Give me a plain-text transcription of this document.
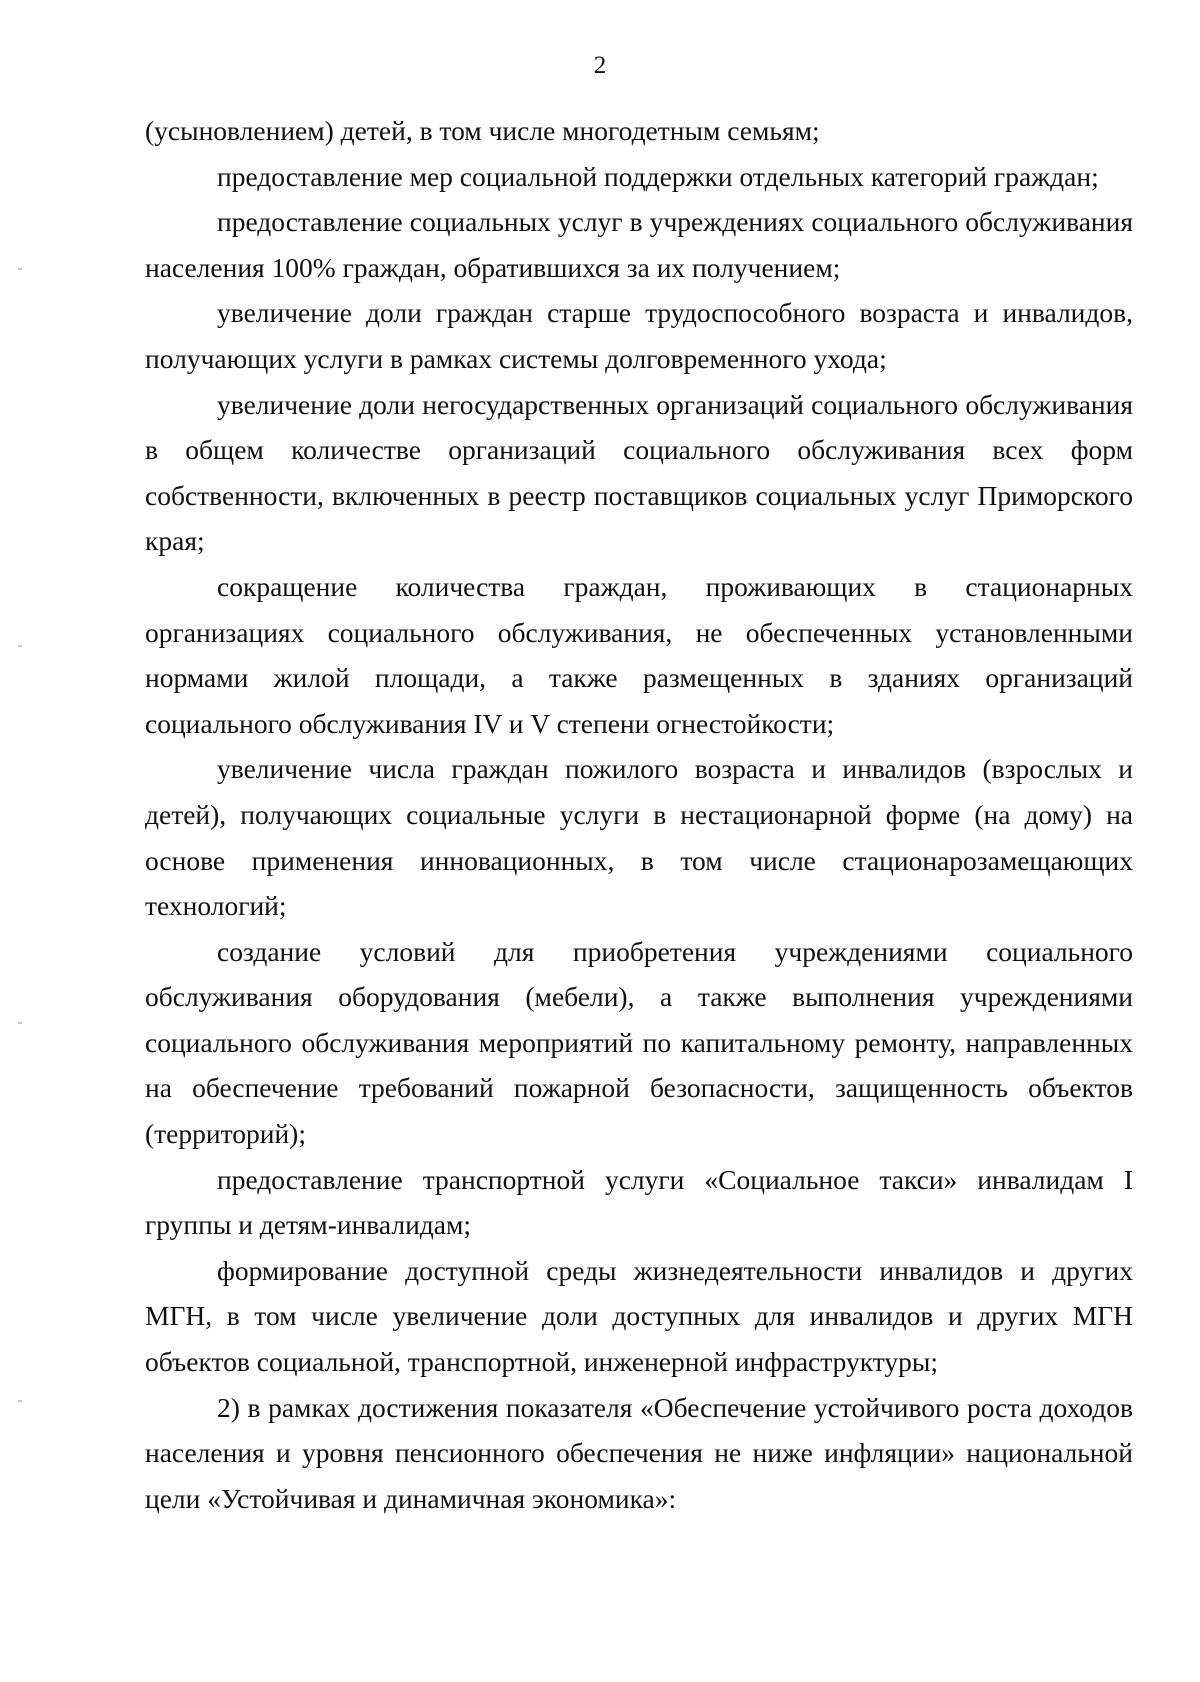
2

(усыновлением) детей, в том числе многодетным семьям;

предоставление мер социальной поддержки отдельных категорий граждан;

предоставление социальных услуг в учреждениях социального обслуживания населения 100% граждан, обратившихся за их получением;

увеличение доли граждан старше трудоспособного возраста и инвалидов, получающих услуги в рамках системы долговременного ухода;

увеличение доли негосударственных организаций социального обслуживания в общем количестве организаций социального обслуживания всех форм собственности, включенных в реестр поставщиков социальных услуг Приморского края;

сокращение количества граждан, проживающих в стационарных организациях социального обслуживания, не обеспеченных установленными нормами жилой площади, а также размещенных в зданиях организаций социального обслуживания IV и V степени огнестойкости;

увеличение числа граждан пожилого возраста и инвалидов (взрослых и детей), получающих социальные услуги в нестационарной форме (на дому) на основе применения инновационных, в том числе стационарозамещающих технологий;

создание условий для приобретения учреждениями социального обслуживания оборудования (мебели), а также выполнения учреждениями социального обслуживания мероприятий по капитальному ремонту, направленных на обеспечение требований пожарной безопасности, защищенность объектов (территорий);

предоставление транспортной услуги «Социальное такси» инвалидам I группы и детям-инвалидам;

формирование доступной среды жизнедеятельности инвалидов и других МГН, в том числе увеличение доли доступных для инвалидов и других МГН объектов социальной, транспортной, инженерной инфраструктуры;

2) в рамках достижения показателя «Обеспечение устойчивого роста доходов населения и уровня пенсионного обеспечения не ниже инфляции» национальной цели «Устойчивая и динамичная экономика»:
